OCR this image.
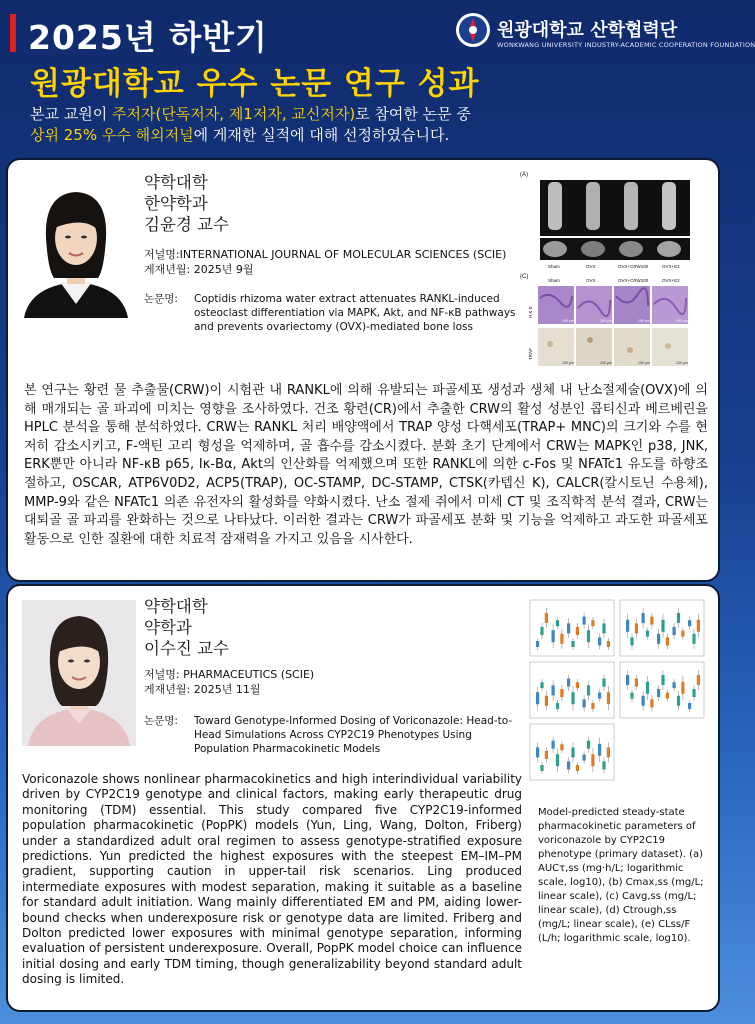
2025년 하반기	원광대학교 산학협력단
WONKWANG UNIVERSITY INDUSTRY-ACADEMIC COOPERATION FOUNDATION
원광대학교 우수 논문 연구 성과
본교 교원이 주저자(단독저자, 제1저자, 교신저자)로 참여한 논문 중
상위 25% 우수 해외저널에 게재한 실적에 대해 선정하였습니다.
약학대학
한약학과
김윤경 교수
저널명:INTERNATIONAL JOURNAL OF MOLECULAR SCIENCES (SCIE)
게재년월: 2025년 9월
논문명: Coptidis rhizoma water extract attenuates RANKL-induced osteoclast differentiation via MAPK, Akt, and NF-κB pathways and prevents ovariectomy (OVX)-mediated bone loss
(A)
Sham	OVX	OVX+CRW100	OVX+E2
(C)
Sham	OVX	OVX+CRW100	OVX+E2
H & E
TRAP
100 μm	100 μm	100 μm	100 μm
100 μm	100 μm	100 μm	100 μm
본 연구는 황련 물 추출물(CRW)이 시험관 내 RANKL에 의해 유발되는 파골세포 생성과 생체 내 난소절제술(OVX)에 의해 매개되는 골 파괴에 미치는 영향을 조사하였다. 건조 황련(CR)에서 추출한 CRW의 활성 성분인 콥티신과 베르베린을 HPLC 분석을 통해 분석하였다. CRW는 RANKL 처리 배양액에서 TRAP 양성 다핵세포(TRAP+ MNC)의 크기와 수를 현저히 감소시키고, F-액틴 고리 형성을 억제하며, 골 흡수를 감소시켰다. 분화 초기 단계에서 CRW는 MAPK인 p38, JNK, ERK뿐만 아니라 NF-κB p65, Iκ-Bα, Akt의 인산화를 억제했으며 또한 RANKL에 의한 c-Fos 및 NFATc1 유도를 하향조절하고, OSCAR, ATP6V0D2, ACP5(TRAP), OC-STAMP, DC-STAMP, CTSK(카텝신 K), CALCR(칼시토닌 수용체), MMP-9와 같은 NFATc1 의존 유전자의 활성화를 약화시켰다. 난소 절제 쥐에서 미세 CT 및 조직학적 분석 결과, CRW는 대퇴골 골 파괴를 완화하는 것으로 나타났다. 이러한 결과는 CRW가 파골세포 분화 및 기능을 억제하고 과도한 파골세포 활동으로 인한 질환에 대한 치료적 잠재력을 가지고 있음을 시사한다.
약학대학
약학과
이수진 교수
저널명: PHARMACEUTICS (SCIE)
게재년월: 2025년 11월
논문명: Toward Genotype-Informed Dosing of Voriconazole: Head-to-Head Simulations Across CYP2C19 Phenotypes Using Population Pharmacokinetic Models
Voriconazole shows nonlinear pharmacokinetics and high interindividual variability driven by CYP2C19 genotype and clinical factors, making early therapeutic drug monitoring (TDM) essential. This study compared five CYP2C19-informed population pharmacokinetic (PopPK) models (Yun, Ling, Wang, Dolton, Friberg) under a standardized adult oral regimen to assess genotype-stratified exposure predictions. Yun predicted the highest exposures with the steepest EM–IM–PM gradient, supporting caution in upper-tail risk scenarios. Ling produced intermediate exposures with modest separation, making it suitable as a baseline for standard adult initiation. Wang mainly differentiated EM and PM, aiding lower-bound checks when underexposure risk or genotype data are limited. Friberg and Dolton predicted lower exposures with minimal genotype separation, informing evaluation of persistent underexposure. Overall, PopPK model choice can influence initial dosing and early TDM timing, though generalizability beyond standard adult dosing is limited.
Model-predicted steady-state pharmacokinetic parameters of voriconazole by CYP2C19 phenotype (primary dataset). (a) AUCτ,ss (mg·h/L; logarithmic scale, log10), (b) Cmax,ss (mg/L; linear scale), (c) Cavg,ss (mg/L; linear scale), (d) Ctrough,ss (mg/L; linear scale), (e) CLss/F (L/h; logarithmic scale, log10).
